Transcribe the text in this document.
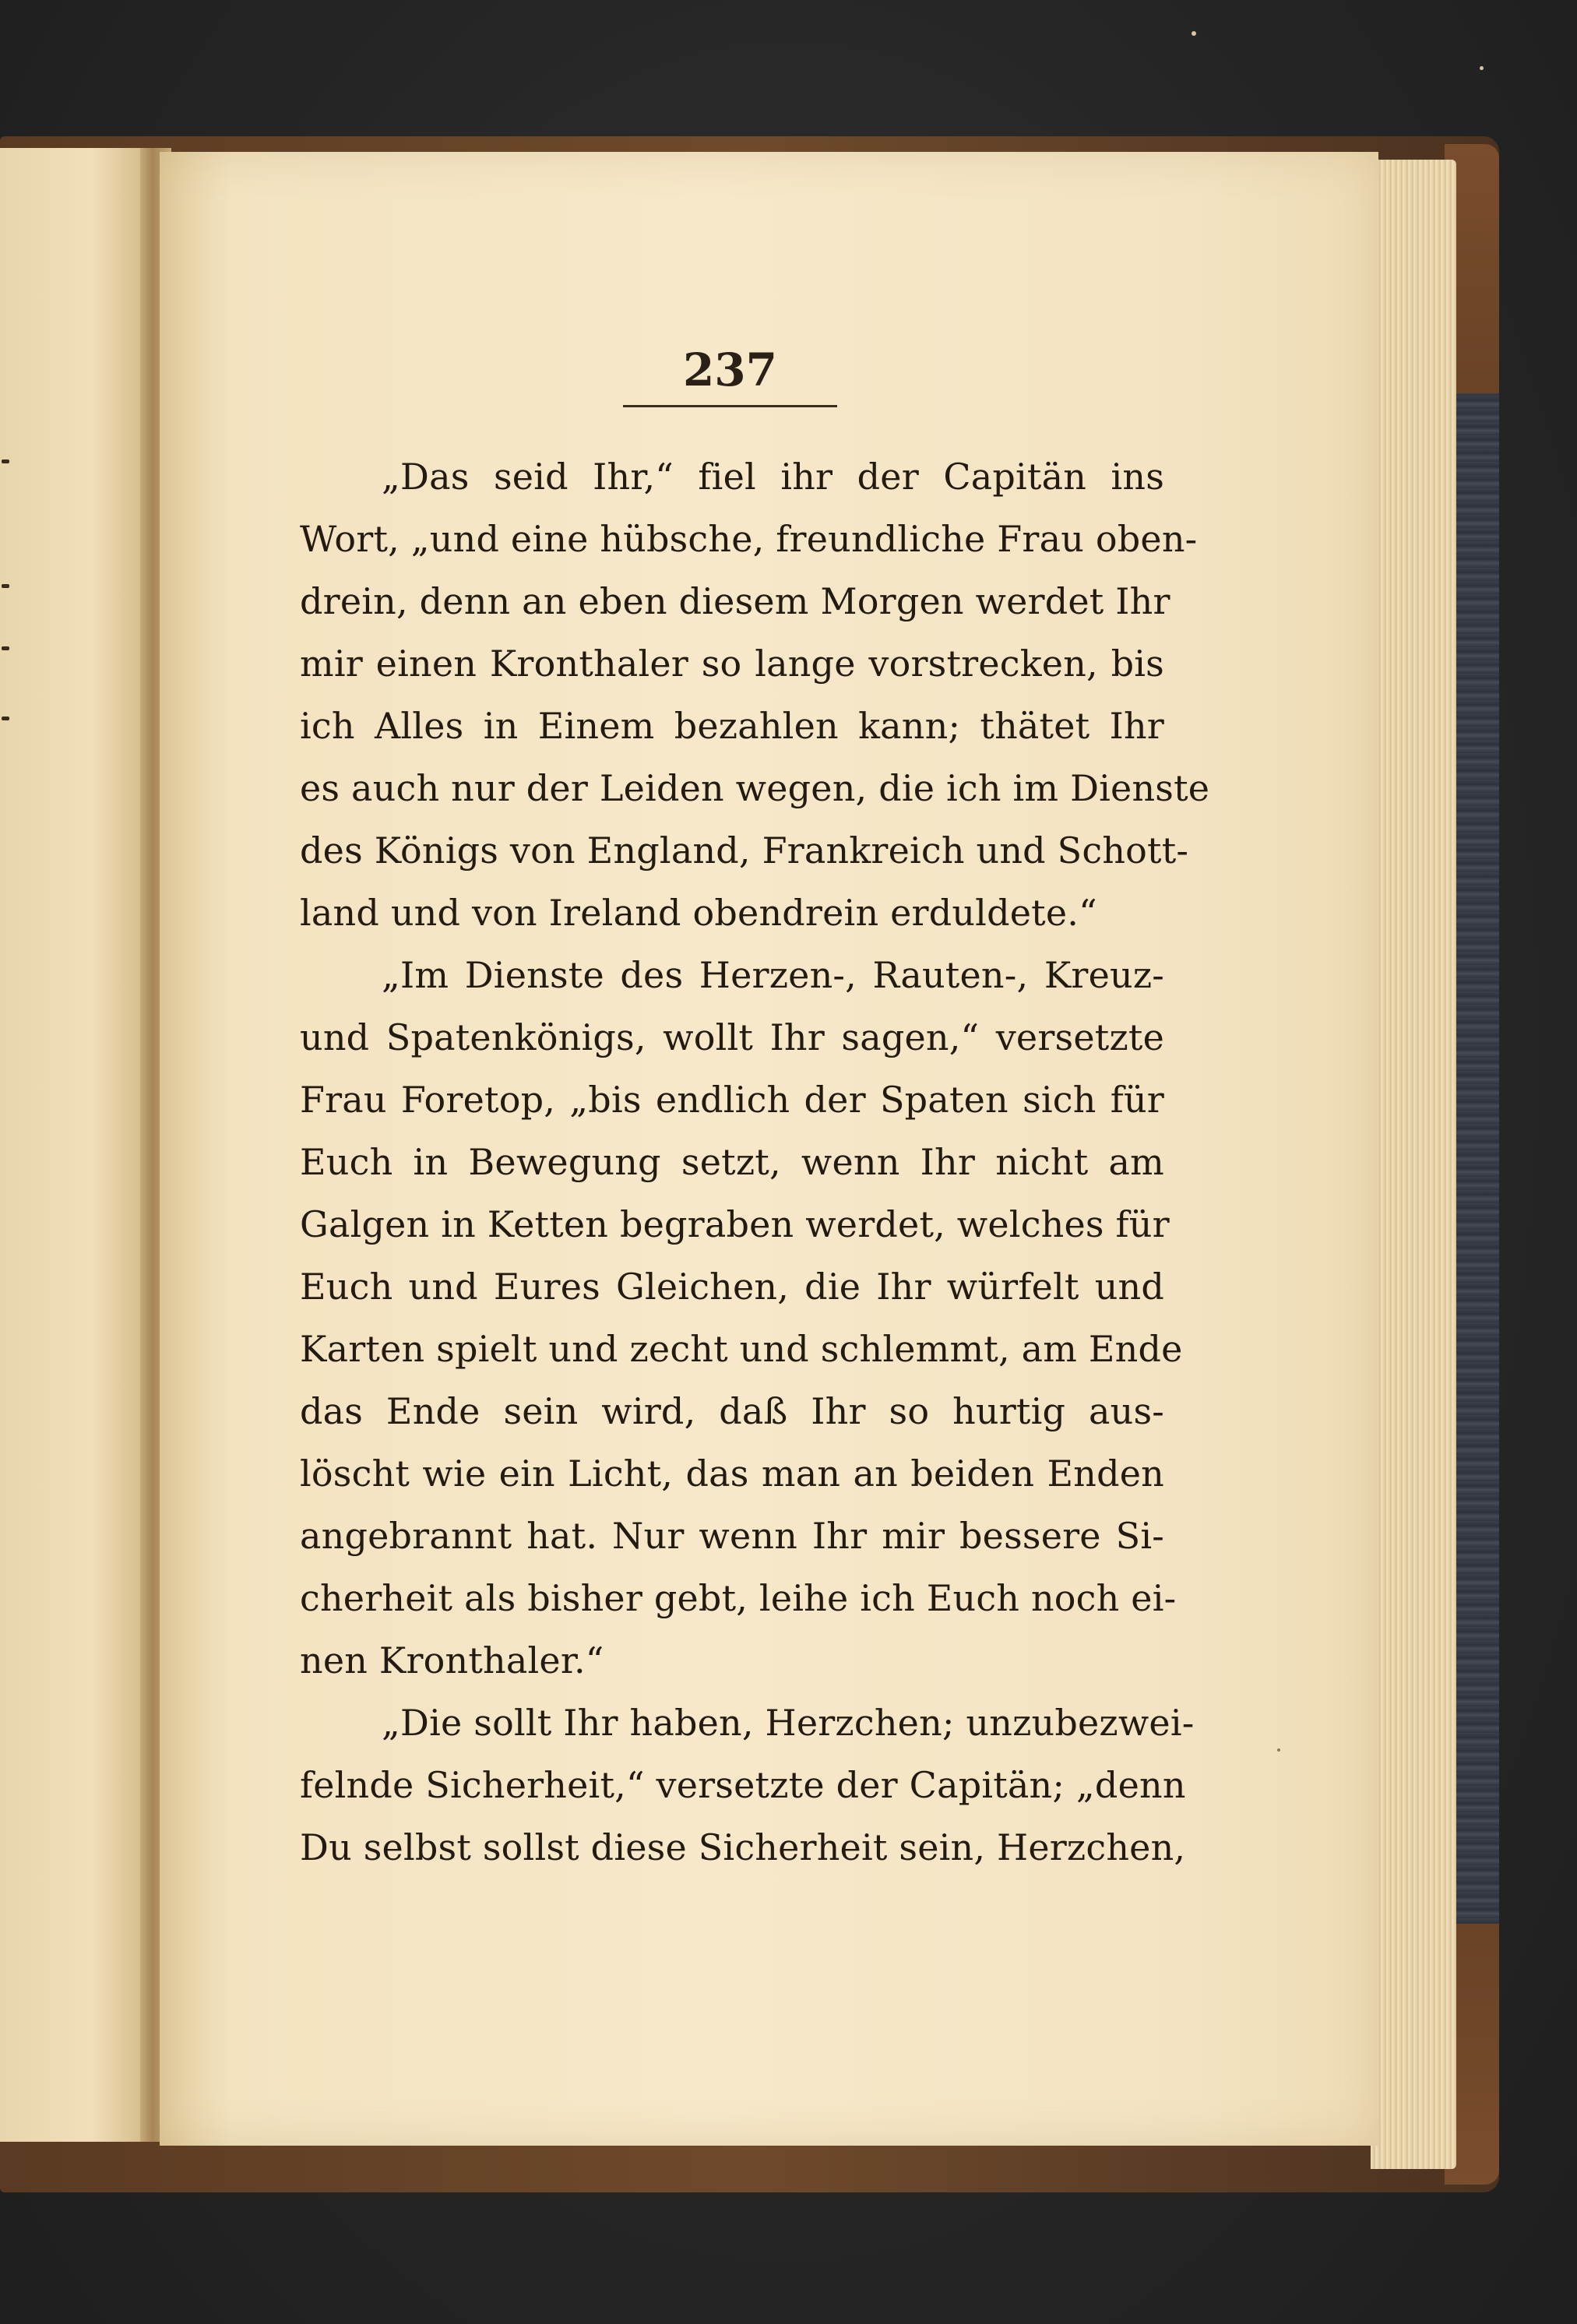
237
„Das seid Ihr,“ fiel ihr der Capitän ins
Wort, „und eine hübsche, freundliche Frau oben-
drein, denn an eben diesem Morgen werdet Ihr
mir einen Kronthaler so lange vorstrecken, bis
ich Alles in Einem bezahlen kann; thätet Ihr
es auch nur der Leiden wegen, die ich im Dienste
des Königs von England, Frankreich und Schott-
land und von Ireland obendrein erduldete.“
„Im Dienste des Herzen-, Rauten-, Kreuz-
und Spatenkönigs, wollt Ihr sagen,“ versetzte
Frau Foretop, „bis endlich der Spaten sich für
Euch in Bewegung setzt, wenn Ihr nicht am
Galgen in Ketten begraben werdet, welches für
Euch und Eures Gleichen, die Ihr würfelt und
Karten spielt und zecht und schlemmt, am Ende
das Ende sein wird, daß Ihr so hurtig aus-
löscht wie ein Licht, das man an beiden Enden
angebrannt hat. Nur wenn Ihr mir bessere Si-
cherheit als bisher gebt, leihe ich Euch noch ei-
nen Kronthaler.“
„Die sollt Ihr haben, Herzchen; unzubezwei-
felnde Sicherheit,“ versetzte der Capitän; „denn
Du selbst sollst diese Sicherheit sein, Herzchen,
